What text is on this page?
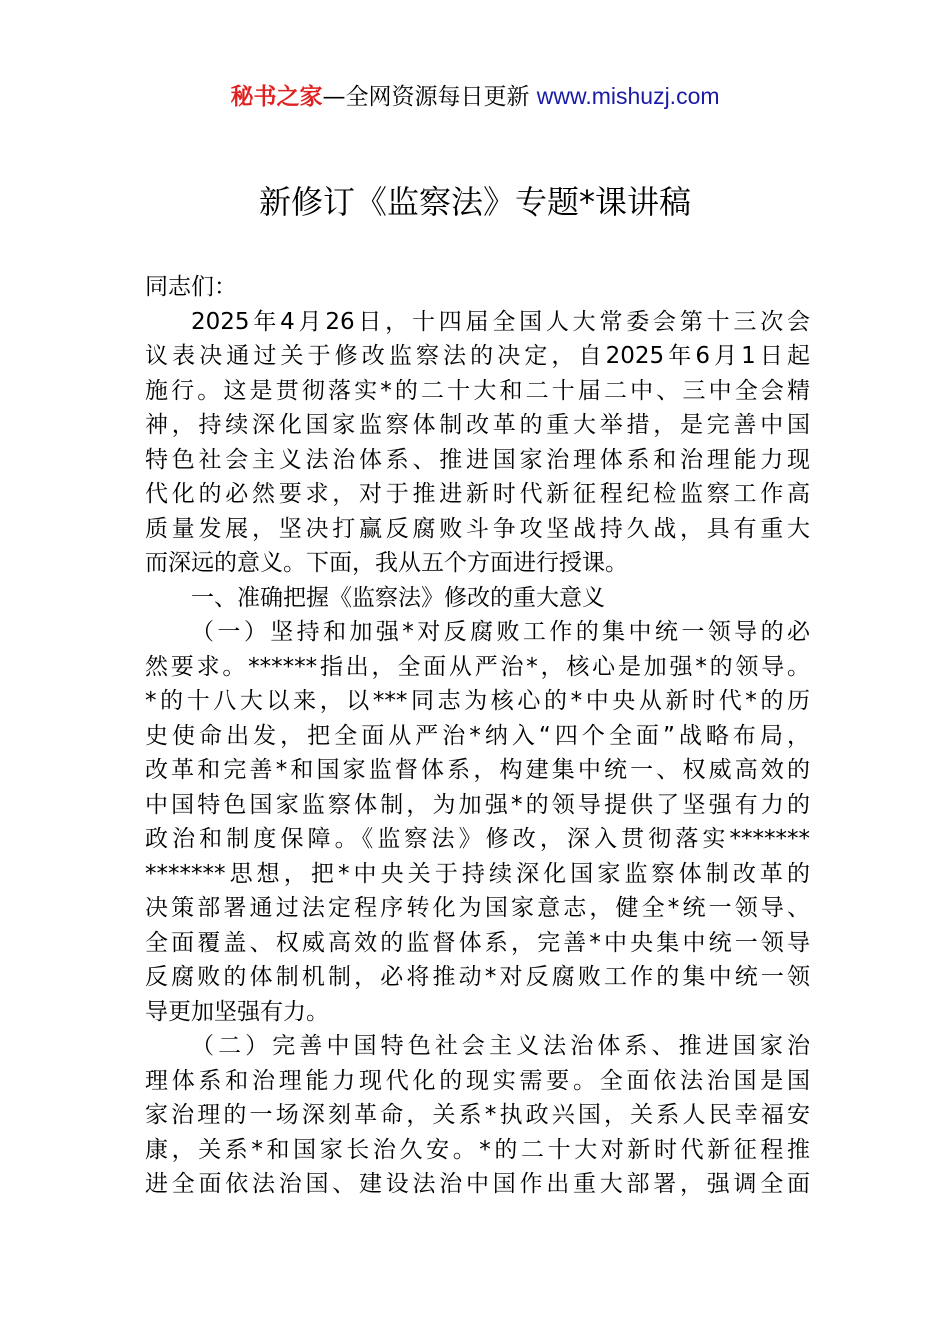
秘书之家—全网资源每日更新 www.mishuzj.com
新修订《监察法》专题*课讲稿
同志们：
2025年4月26日，十四届全国人大常委会第十三次会
议表决通过关于修改监察法的决定，自2025年6月1日起
施行。这是贯彻落实*的二十大和二十届二中、三中全会精
神，持续深化国家监察体制改革的重大举措，是完善中国
特色社会主义法治体系、推进国家治理体系和治理能力现
代化的必然要求，对于推进新时代新征程纪检监察工作高
质量发展，坚决打赢反腐败斗争攻坚战持久战，具有重大
而深远的意义。下面，我从五个方面进行授课。
一、准确把握《监察法》修改的重大意义
（一）坚持和加强*对反腐败工作的集中统一领导的必
然要求。******指出，全面从严治*，核心是加强*的领导。
*的十八大以来，以***同志为核心的*中央从新时代*的历
史使命出发，把全面从严治*纳入“四个全面”战略布局，
改革和完善*和国家监督体系，构建集中统一、权威高效的
中国特色国家监察体制，为加强*的领导提供了坚强有力的
政治和制度保障。《监察法》修改，深入贯彻落实*******
*******思想，把*中央关于持续深化国家监察体制改革的
决策部署通过法定程序转化为国家意志，健全*统一领导、
全面覆盖、权威高效的监督体系，完善*中央集中统一领导
反腐败的体制机制，必将推动*对反腐败工作的集中统一领
导更加坚强有力。
（二）完善中国特色社会主义法治体系、推进国家治
理体系和治理能力现代化的现实需要。全面依法治国是国
家治理的一场深刻革命，关系*执政兴国，关系人民幸福安
康，关系*和国家长治久安。*的二十大对新时代新征程推
进全面依法治国、建设法治中国作出重大部署，强调全面
